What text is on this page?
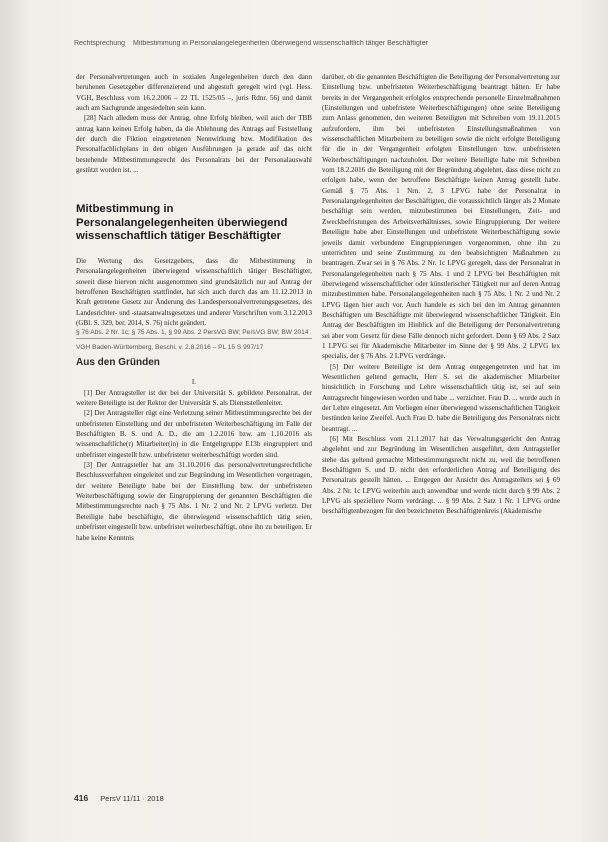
Rechtsprechung Mitbestimmung in Personalangelegenheiten überwiegend wissenschaftlich tätiger Beschäftigter

der Personalvertretungen auch in sozialen Angelegenheiten durch den dann beruhenen Gesetzgeber differenzierend und abgestuft geregelt wird (vgl. Hess. VGH, Beschluss vom 16.2.2006 – 22 TL 1525/05 –, juris Rdnr. 56) und damit auch am Sachgrunde angesiedelten sein kann.

[28] Nach alledem muss der Antrag, ohne Erfolg bleiben, weil auch der TBB antrag kann keinen Erfolg haben, da die Ablehnung des Antrags auf Feststellung der durch die Fiktion eingetretenen Nennwirkung bzw. Modifikation des Personalfachlichplans in den obigen Ausführungen ja gerade auf das nicht bestehende Mitbestimmungsrecht des Personalrats bei der Personalauswahl gestützt worden ist. ...

Mitbestimmung in Personalangelegenheiten überwiegend wissenschaftlich tätiger Beschäftigter

Die Wertung des Gesetzgebers, dass die Mitbestimmung in Personalangelegenheiten überwiegend wissenschaftlich tätiger Beschäftigter, soweit diese hiervon nicht ausgenommen sind grundsätzlich nur auf Antrag der betroffenen Beschäftigten stattfindet, hat sich auch durch das am 11.12.2013 in Kraft getretene Gesetz zur Änderung des Landespersonalvertretungsgesetzes, des Landesrichter- und -staatsanwaltsgesetzes und anderer Vorschriften vom 3.12.2013 (GBl. S. 329, ber. 2014, S. 76) nicht geändert.

§ 76 Abs. 2 Nr. 1c; § 75 Abs. 1, § 99 Abs. 2 PersVG BW; PersVG BW; BW 2014

VGH Baden-Württemberg, Beschl. v. 2.8.2016 – PL 15 S 997/17

Aus den Gründen

I.

[1] Der Antragsteller ist der bei der Universität S. gebildete Personalrat, der weitere Beteiligte ist der Rektor der Universität S. als Dienststellenleiter.

[2] Der Antragsteller rügt eine Verletzung seiner Mitbestimmungsrechte bei der unbefristeten Einstellung und der unbefristeten Weiterbeschäftigung im Falle der Beschäftigten B. S. und A. D., die am 1.2.2016 bzw. am 1.10.2016 als wissenschaftliche(r) Mitarbeiter(in) in die Entgeltgruppe E13b eingruppiert und unbefristet eingestellt bzw. unbefristeter weiterbeschäftigt worden sind.

[3] Der Antragsteller hat am 31.10.2016 das personalvertretungsrechtliche Beschlussverfahren eingeleitet und zur Begründung im Wesentlichen vorgetragen, der weitere Beteiligte habe bei der Einstellung bzw. der unbefristeten Weiterbeschäftigung sowie der Eingruppierung der genannten Beschäftigten die Mitbestimmungsrechte nach § 75 Abs. 1 Nr. 2 und Nr. 2 LPVG verletzt. Der Beteiligte habe beschäftigte, die überwiegend wissenschaftlich tätig seien, unbefristet eingestellt bzw. unbefristet weiterbeschäftigt, ohne ihn zu beteiligen. Er habe keine Kenntnis

darüber, ob die genannten Beschäftigten die Beteiligung der Personalvertretung zur Einstellung bzw. unbefristeten Weiterbeschäftigung beantragt hätten. Er habe bereits in der Vergangenheit erfolglos entsprechende personelle Einzelmaßnahmen (Einstellungen und unbefristete Weiterbeschäftigungen) ohne seine Beteiligung zum Anlass genommen, den weiteren Beteiligten mit Schreiben vom 19.11.2015 aufzufordern, ihm bei unbefristeten Einstellungsmaßnahmen von wissenschaftlichen Mitarbeitern zu beteiligen sowie die nicht erfolgte Beteiligung für die in der Vergangenheit erfolgten Einstellungen bzw. unbefristeten Weiterbeschäftigungen nachzuholen. Der weitere Beteiligte habe mit Schreiben vom 18.2.2016 die Beteiligung mit der Begründung abgelehnt, dass diese nicht zu erfolgen habe, wenn der betroffene Beschäftigte keinen Antrag gestellt habe. Gemäß § 75 Abs. 1 Nrn. 2, 3 LPVG habe der Personalrat in Personalangelegenheiten der Beschäftigten, die voraussichtlich länger als 2 Monate beschäftigt sein werden, mitzubestimmen bei Einstellungen, Zeit- und Zweckbefristungen des Arbeitsverhältnisses, sowie Eingruppierung. Der weitere Beteiligte habe aber Einstellungen und unbefristete Weiterbeschäftigung sowie jeweils damit verbundene Eingruppierungen vorgenommen, ohne ihn zu unterrichten und seine Zustimmung zu den beabsichtigten Maßnahmen zu beantragen. Zwar sei in § 76 Abs. 2 Nr. 1c LPVG geregelt, dass der Personalrat in Personalangelegenheiten nach § 75 Abs. 1 und 2 LPVG bei Beschäftigten mit überwiegend wissenschaftlicher oder künstlerischer Tätigkeit nur auf deren Antrag mitzubestimmen habe. Personalangelegenheiten nach § 75 Abs. 1 Nr. 2 und Nr. 2 LPVG lägen hier auch vor. Auch handele es sich bei den im Antrag genannten Beschäftigten um Beschäftigte mit überwiegend wissenschaftlicher Tätigkeit. Ein Antrag der Beschäftigten im Hinblick auf die Beteiligung der Personalvertretung sei aber vom Gesetz für diese Fälle dennoch nicht gefordert. Denn § 69 Abs. 2 Satz 1 LPVG sei für Akademische Mitarbeiter im Sinne der § 99 Abs. 2 LPVG lex specialis, der § 76 Abs. 2 LPVG verdränge.

[5] Der weitere Beteiligte ist dem Antrag entgegengetreten und hat im Wesentlichen geltend gemacht, Herr S. sei die akademischer Mitarbeiter hinsichtlich in Forschung und Lehre wissenschaftlich tätig ist, sei auf sein Antragsrecht hingewiesen worden und habe ... verzichtet. Frau D. ... wurde auch in der Lehre eingesetzt. Am Vorliegen einer überwiegend wissenschaftlichen Tätigkeit bestünden keine Zweifel. Auch Frau D. habe die Beteiligung des Personalrats nicht beantragt. ...

[6] Mit Beschluss vom 21.1.2017 hat das Verwaltungsgericht den Antrag abgelehnt und zur Begründung im Wesentlichen ausgeführt, dem Antragsteller stehe das geltend gemachte Mitbestimmungsrecht nicht zu, weil die betroffenen Beschäftigten S. und D. nicht den erforderlichen Antrag auf Beteiligung des Personalrats gestellt hätten. ... Entgegen der Ansicht des Antragstellers sei § 69 Abs. 2 Nr. 1c LPVG weiterhin auch anwendbar und werde nicht durch § 99 Abs. 2 LPVG als speziellere Norm verdrängt. ... § 99 Abs. 2 Satz 1 Nr. 1 LPVG ordne beschäftigtenbezogen für den bezeichneten Beschäftigtenkreis (Akademische

416 PersV 11/11 · 2018
